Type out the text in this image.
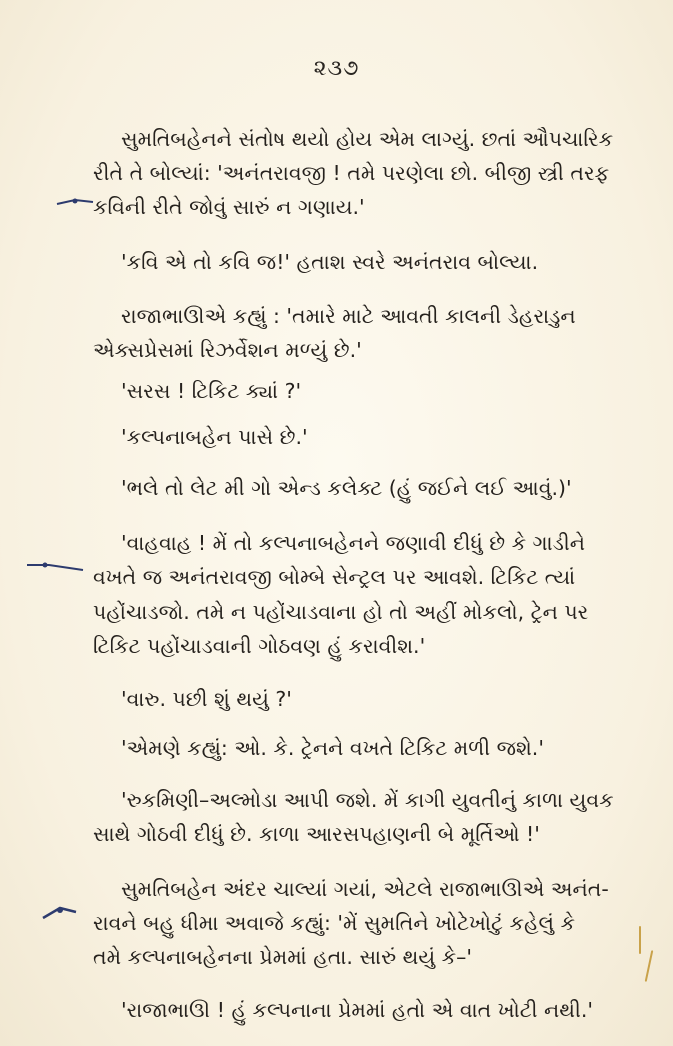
૨૩૭
સુમતિબહેનને સંતોષ થયો હોય એમ લાગ્યું. છતાં ઔપચારિક
રીતે તે બોલ્યાં: 'અનંતરાવજી ! તમે પરણેલા છો. બીજી સ્ત્રી તરફ
કવિની રીતે જોવું સારું ન ગણાય.'
'કવિ એ તો કવિ જ!' હતાશ સ્વરે અનંતરાવ બોલ્યા.
રાજાભાઊએ કહ્યું : 'તમારે માટે આવતી કાલની ડેહરાડુન
એક્સપ્રેસમાં રિઝર્વેશન મળ્યું છે.'
'સરસ ! ટિકિટ ક્યાં ?'
'કલ્પનાબહેન પાસે છે.'
'ભલે તો લેટ મી ગો એન્ડ કલેક્ટ (હું જઈને લઈ આવું.)'
'વાહવાહ ! મેં તો કલ્પનાબહેનને જણાવી દીધું છે કે ગાડીને
વખતે જ અનંતરાવજી બોમ્બે સેન્ટ્રલ પર આવશે. ટિકિટ ત્યાં
પહોંચાડજો. તમે ન પહોંચાડવાના હો તો અહીં મોકલો, ટ્રેન પર
ટિકિટ પહોંચાડવાની ગોઠવણ હું કરાવીશ.'
'વારુ. પછી શું થયું ?'
'એમણે કહ્યું: ઓ. કે. ટ્રેનને વખતે ટિકિટ મળી જશે.'
'રુકમિણી–અલ્મોડા આપી જશે. મેં કાગી યુવતીનું કાળા યુવક
સાથે ગોઠવી દીધું છે. કાળા આરસપહાણની બે મૂર્તિઓ !'
સુમતિબહેન અંદર ચાલ્યાં ગયાં, એટલે રાજાભાઊએ અનંત-
રાવને બહુ ધીમા અવાજે કહ્યું: 'મેં સુમતિને ખોટેખોટું કહેલું કે
તમે કલ્પનાબહેનના પ્રેમમાં હતા. સારું થયું કે–'
'રાજાભાઊ ! હું કલ્પનાના પ્રેમમાં હતો એ વાત ખોટી નથી.'
